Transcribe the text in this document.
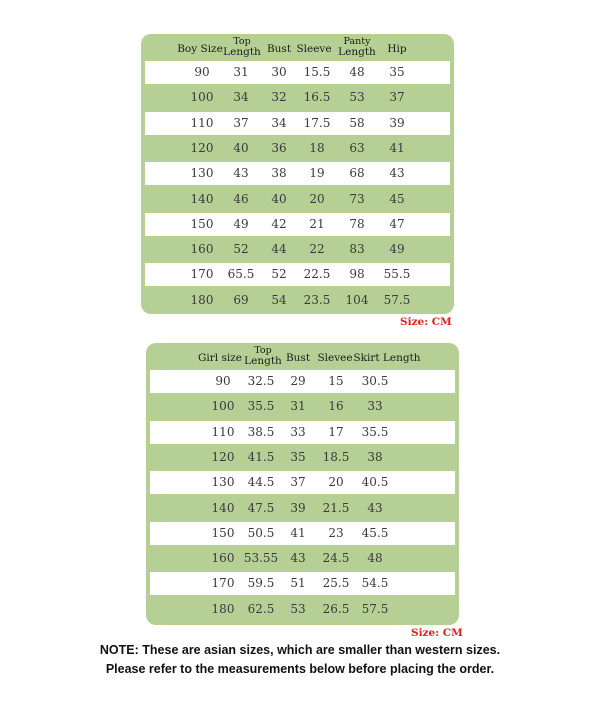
Boy Size
Top
Length Bust Sleeve
Panty
Length Hip
90 31 30 15.5 48 35
100 34 32 16.5 53 37
110 37 34 17.5 58 39
120 40 36 18 63 41
130 43 38 19 68 43
140 46 40 20 73 45
150 49 42 21 78 47
160 52 44 22 83 49
170 65.5 52 22.5 98 55.5
180 69 54 23.5 104 57.5
Size: CM
Girl size
Top
Length Bust Slevee Skirt Length
90 32.5 29 15 30.5
100 35.5 31 16 33
110 38.5 33 17 35.5
120 41.5 35 18.5 38
130 44.5 37 20 40.5
140 47.5 39 21.5 43
150 50.5 41 23 45.5
160 53.55 43 24.5 48
170 59.5 51 25.5 54.5
180 62.5 53 26.5 57.5
Size: CM
NOTE: These are asian sizes, which are smaller than western sizes.
Please refer to the measurements below before placing the order.
